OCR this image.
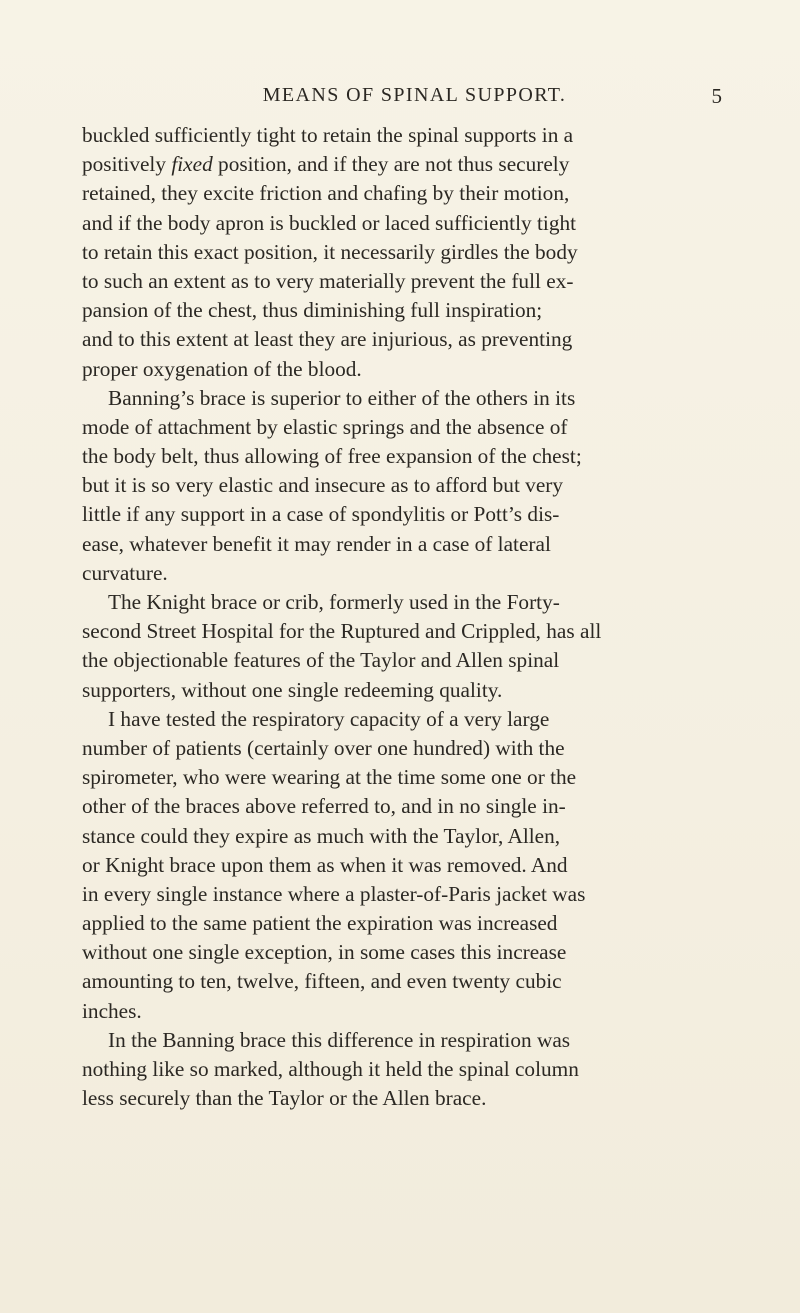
MEANS OF SPINAL SUPPORT.	5
buckled sufficiently tight to retain the spinal supports in a
positively fixed position, and if they are not thus securely
retained, they excite friction and chafing by their motion,
and if the body apron is buckled or laced sufficiently tight
to retain this exact position, it necessarily girdles the body
to such an extent as to very materially prevent the full ex-
pansion of the chest, thus diminishing full inspiration;
and to this extent at least they are injurious, as preventing
proper oxygenation of the blood.
Banning’s brace is superior to either of the others in its
mode of attachment by elastic springs and the absence of
the body belt, thus allowing of free expansion of the chest;
but it is so very elastic and insecure as to afford but very
little if any support in a case of spondylitis or Pott’s dis-
ease, whatever benefit it may render in a case of lateral
curvature.
The Knight brace or crib, formerly used in the Forty-
second Street Hospital for the Ruptured and Crippled, has all
the objectionable features of the Taylor and Allen spinal
supporters, without one single redeeming quality.
I have tested the respiratory capacity of a very large
number of patients (certainly over one hundred) with the
spirometer, who were wearing at the time some one or the
other of the braces above referred to, and in no single in-
stance could they expire as much with the Taylor, Allen,
or Knight brace upon them as when it was removed. And
in every single instance where a plaster-of-Paris jacket was
applied to the same patient the expiration was increased
without one single exception, in some cases this increase
amounting to ten, twelve, fifteen, and even twenty cubic
inches.
In the Banning brace this difference in respiration was
nothing like so marked, although it held the spinal column
less securely than the Taylor or the Allen brace.
